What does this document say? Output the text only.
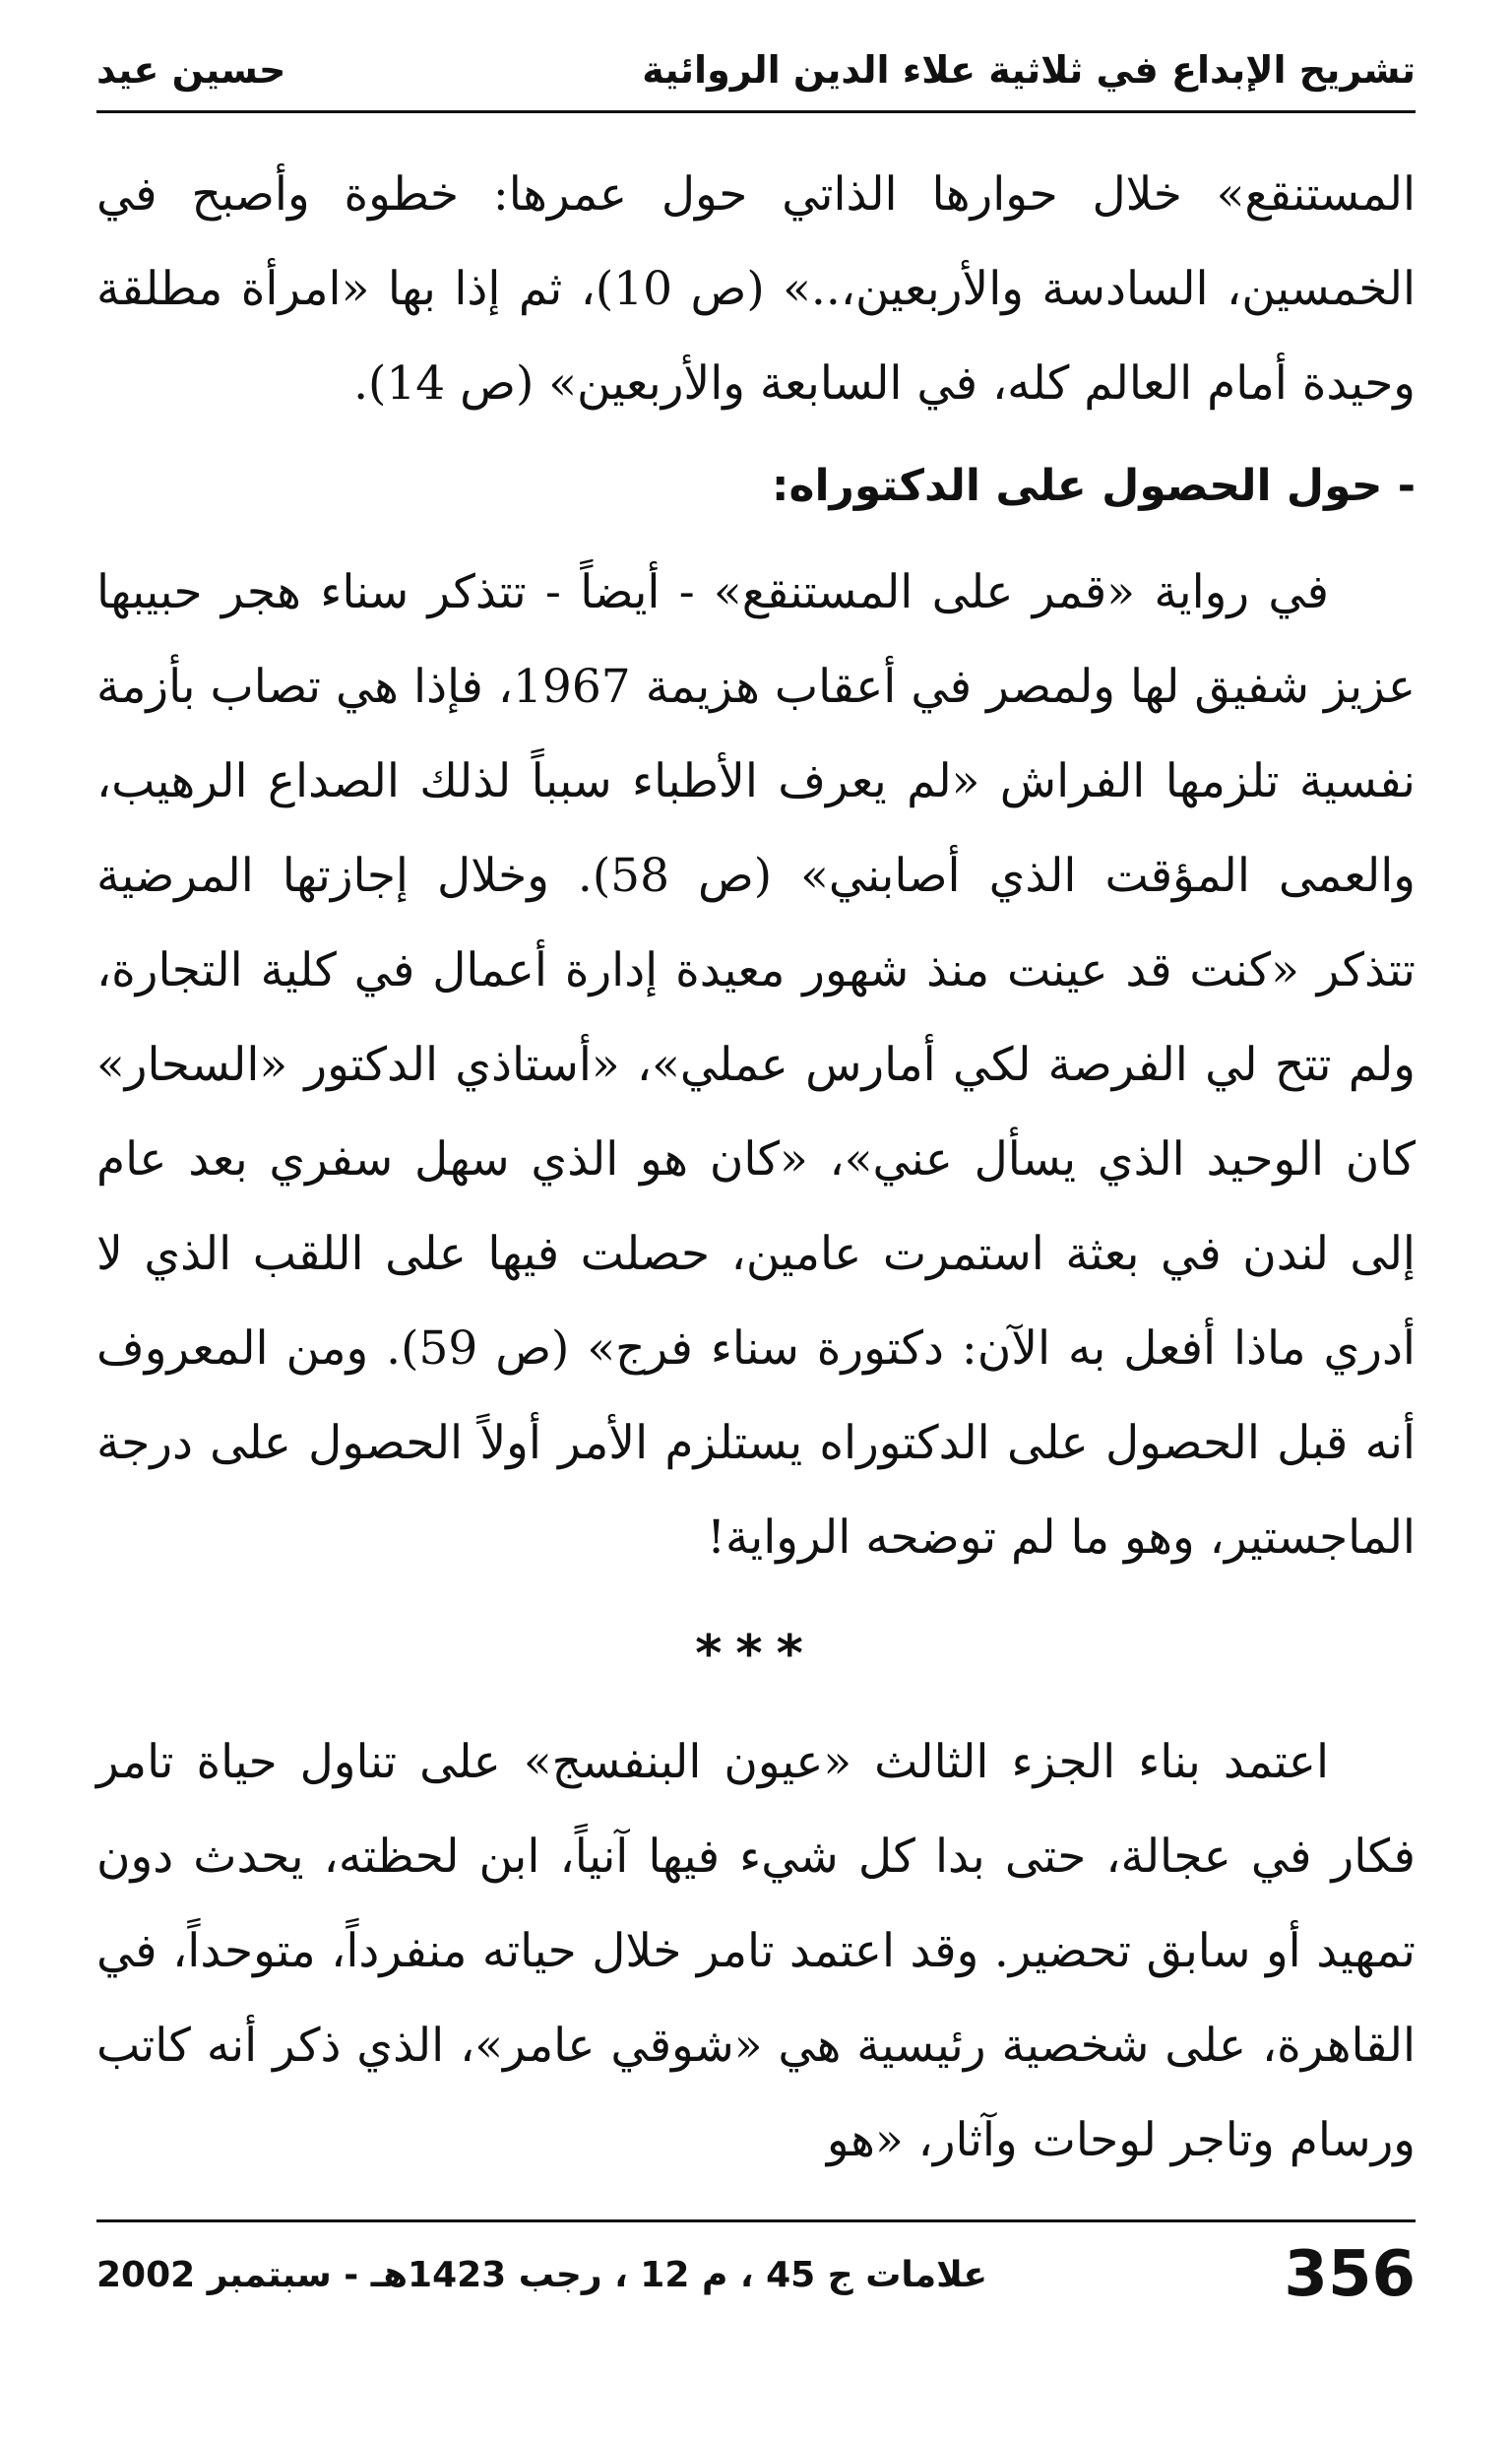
تشريح الإبداع في ثلاثية علاء الدين الروائية
حسين عيد

المستنقع» خلال حوارها الذاتي حول عمرها: خطوة وأصبح في الخمسين، السادسة والأربعين،..» (ص 10)، ثم إذا بها «امرأة مطلقة وحيدة أمام العالم كله، في السابعة والأربعين» (ص 14).

- حول الحصول على الدكتوراه:

في رواية «قمر على المستنقع» - أيضاً - تتذكر سناء هجر حبيبها عزيز شفيق لها ولمصر في أعقاب هزيمة 1967، فإذا هي تصاب بأزمة نفسية تلزمها الفراش «لم يعرف الأطباء سبباً لذلك الصداع الرهيب، والعمى المؤقت الذي أصابني» (ص 58). وخلال إجازتها المرضية تتذكر «كنت قد عينت منذ شهور معيدة إدارة أعمال في كلية التجارة، ولم تتح لي الفرصة لكي أمارس عملي»، «أستاذي الدكتور «السحار» كان الوحيد الذي يسأل عني»، «كان هو الذي سهل سفري بعد عام إلى لندن في بعثة استمرت عامين، حصلت فيها على اللقب الذي لا أدري ماذا أفعل به الآن: دكتورة سناء فرج» (ص 59). ومن المعروف أنه قبل الحصول على الدكتوراه يستلزم الأمر أولاً الحصول على درجة الماجستير، وهو ما لم توضحه الرواية!

***

اعتمد بناء الجزء الثالث «عيون البنفسج» على تناول حياة تامر فكار في عجالة، حتى بدا كل شيء فيها آنياً، ابن لحظته، يحدث دون تمهيد أو سابق تحضير. وقد اعتمد تامر خلال حياته منفرداً، متوحداً، في القاهرة، على شخصية رئيسية هي «شوقي عامر»، الذي ذكر أنه كاتب ورسام وتاجر لوحات وآثار، «هو

356
علامات ج 45 ، م 12 ، رجب 1423هـ - سبتمبر 2002
